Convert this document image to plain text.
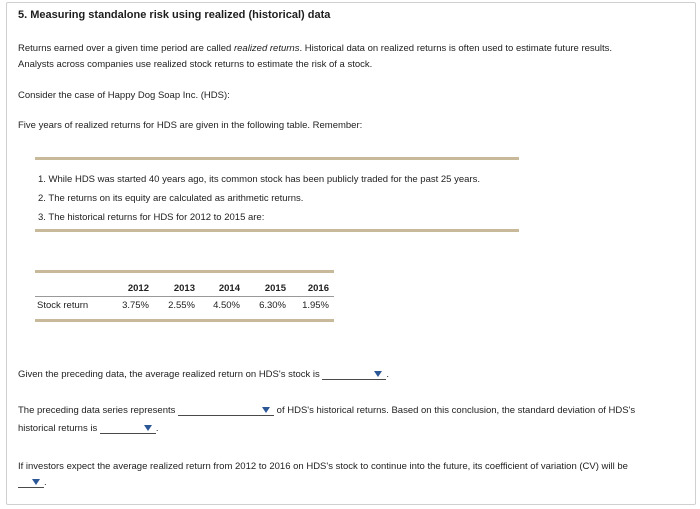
5. Measuring standalone risk using realized (historical) data
Returns earned over a given time period are called realized returns. Historical data on realized returns is often used to estimate future results.
Analysts across companies use realized stock returns to estimate the risk of a stock.
Consider the case of Happy Dog Soap Inc. (HDS):
Five years of realized returns for HDS are given in the following table. Remember:
1. While HDS was started 40 years ago, its common stock has been publicly traded for the past 25 years.
2. The returns on its equity are calculated as arithmetic returns.
3. The historical returns for HDS for 2012 to 2015 are:
	2012	2013	2014	2015	2016
Stock return	3.75%	2.55%	4.50%	6.30%	1.95%
Given the preceding data, the average realized return on HDS's stock is	.
The preceding data series represents	of HDS's historical returns. Based on this conclusion, the standard deviation of HDS's
historical returns is	.
If investors expect the average realized return from 2012 to 2016 on HDS's stock to continue into the future, its coefficient of variation (CV) will be
.
